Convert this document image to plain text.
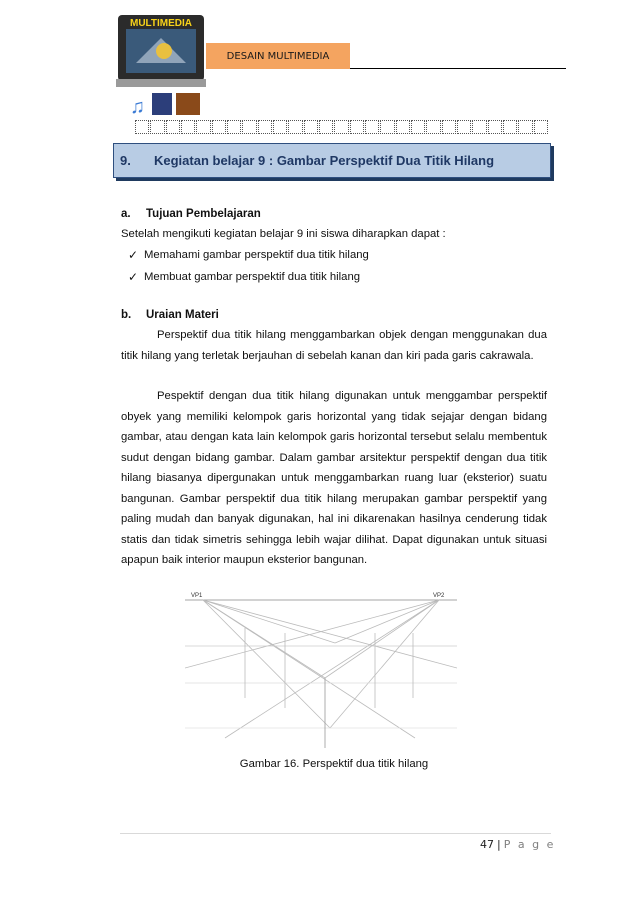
MULTIMEDIA
♫
DESAIN MULTIMEDIA
9.	Kegiatan belajar 9 : Gambar Perspektif Dua Titik Hilang
a. Tujuan Pembelajaran
Setelah mengikuti kegiatan belajar 9 ini siswa diharapkan dapat :
✓ Memahami gambar perspektif dua titik hilang
✓ Membuat gambar perspektif dua titik hilang
b. Uraian Materi

Perspektif dua titik hilang menggambarkan objek dengan menggunakan dua titik hilang yang terletak berjauhan di sebelah kanan dan kiri pada garis cakrawala.

Pespektif dengan dua titik hilang digunakan untuk menggambar perspektif obyek yang memiliki kelompok garis horizontal yang tidak sejajar dengan bidang gambar, atau dengan kata lain kelompok garis horizontal tersebut selalu membentuk sudut dengan bidang gambar. Dalam gambar arsitektur perspektif dengan dua titik hilang biasanya dipergunakan untuk menggambarkan ruang luar (eksterior) suatu bangunan. Gambar perspektif dua titik hilang merupakan gambar perspektif yang paling mudah dan banyak digunakan, hal ini dikarenakan hasilnya cenderung tidak statis dan tidak simetris sehingga lebih wajar dilihat. Dapat digunakan untuk situasi apapun baik interior maupun eksterior bangunan.

VP1	VP2
Gambar 16. Perspektif dua titik hilang
47 | P a g e
